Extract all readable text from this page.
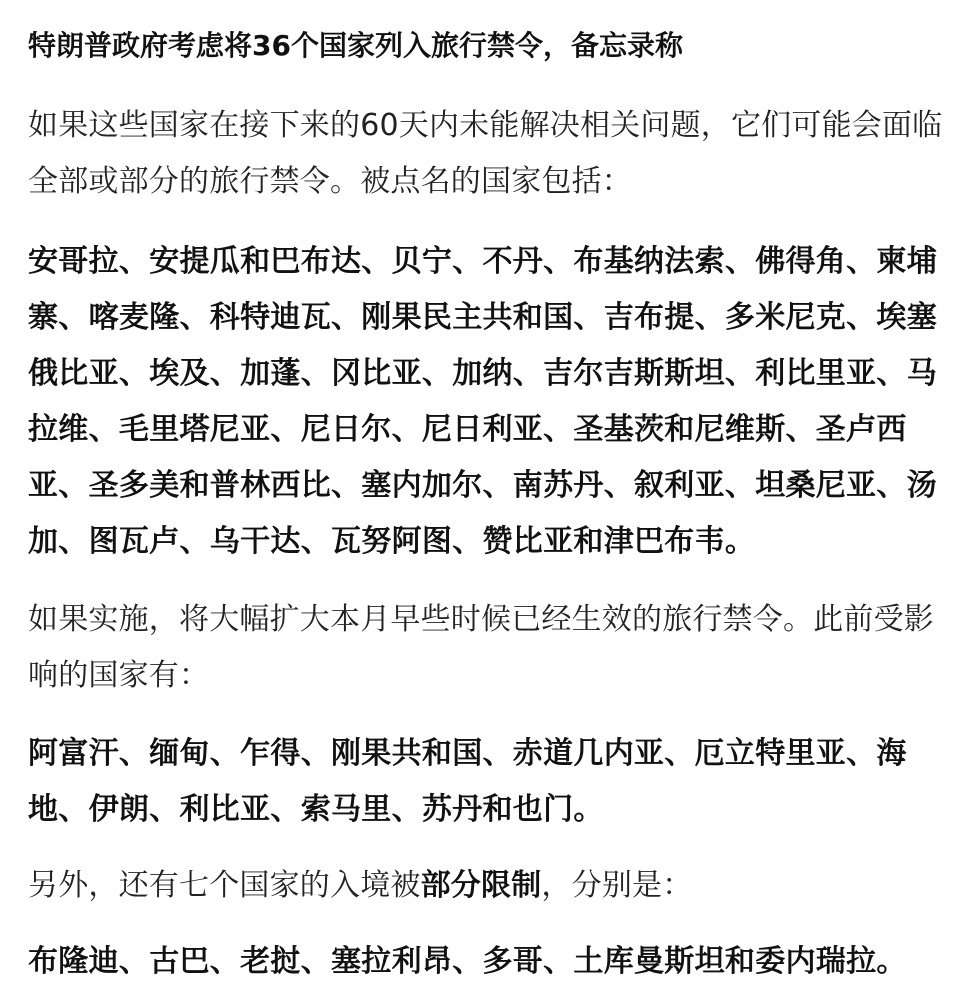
特朗普政府考虑将36个国家列入旅行禁令，备忘录称

如果这些国家在接下来的60天内未能解决相关问题，它们可能会面临全部或部分的旅行禁令。被点名的国家包括：

安哥拉、安提瓜和巴布达、贝宁、不丹、布基纳法索、佛得角、柬埔寨、喀麦隆、科特迪瓦、刚果民主共和国、吉布提、多米尼克、埃塞俄比亚、埃及、加蓬、冈比亚、加纳、吉尔吉斯斯坦、利比里亚、马拉维、毛里塔尼亚、尼日尔、尼日利亚、圣基茨和尼维斯、圣卢西亚、圣多美和普林西比、塞内加尔、南苏丹、叙利亚、坦桑尼亚、汤加、图瓦卢、乌干达、瓦努阿图、赞比亚和津巴布韦。

如果实施，将大幅扩大本月早些时候已经生效的旅行禁令。此前受影响的国家有：

阿富汗、缅甸、乍得、刚果共和国、赤道几内亚、厄立特里亚、海地、伊朗、利比亚、索马里、苏丹和也门。

另外，还有七个国家的入境被部分限制，分别是：

布隆迪、古巴、老挝、塞拉利昂、多哥、土库曼斯坦和委内瑞拉。
